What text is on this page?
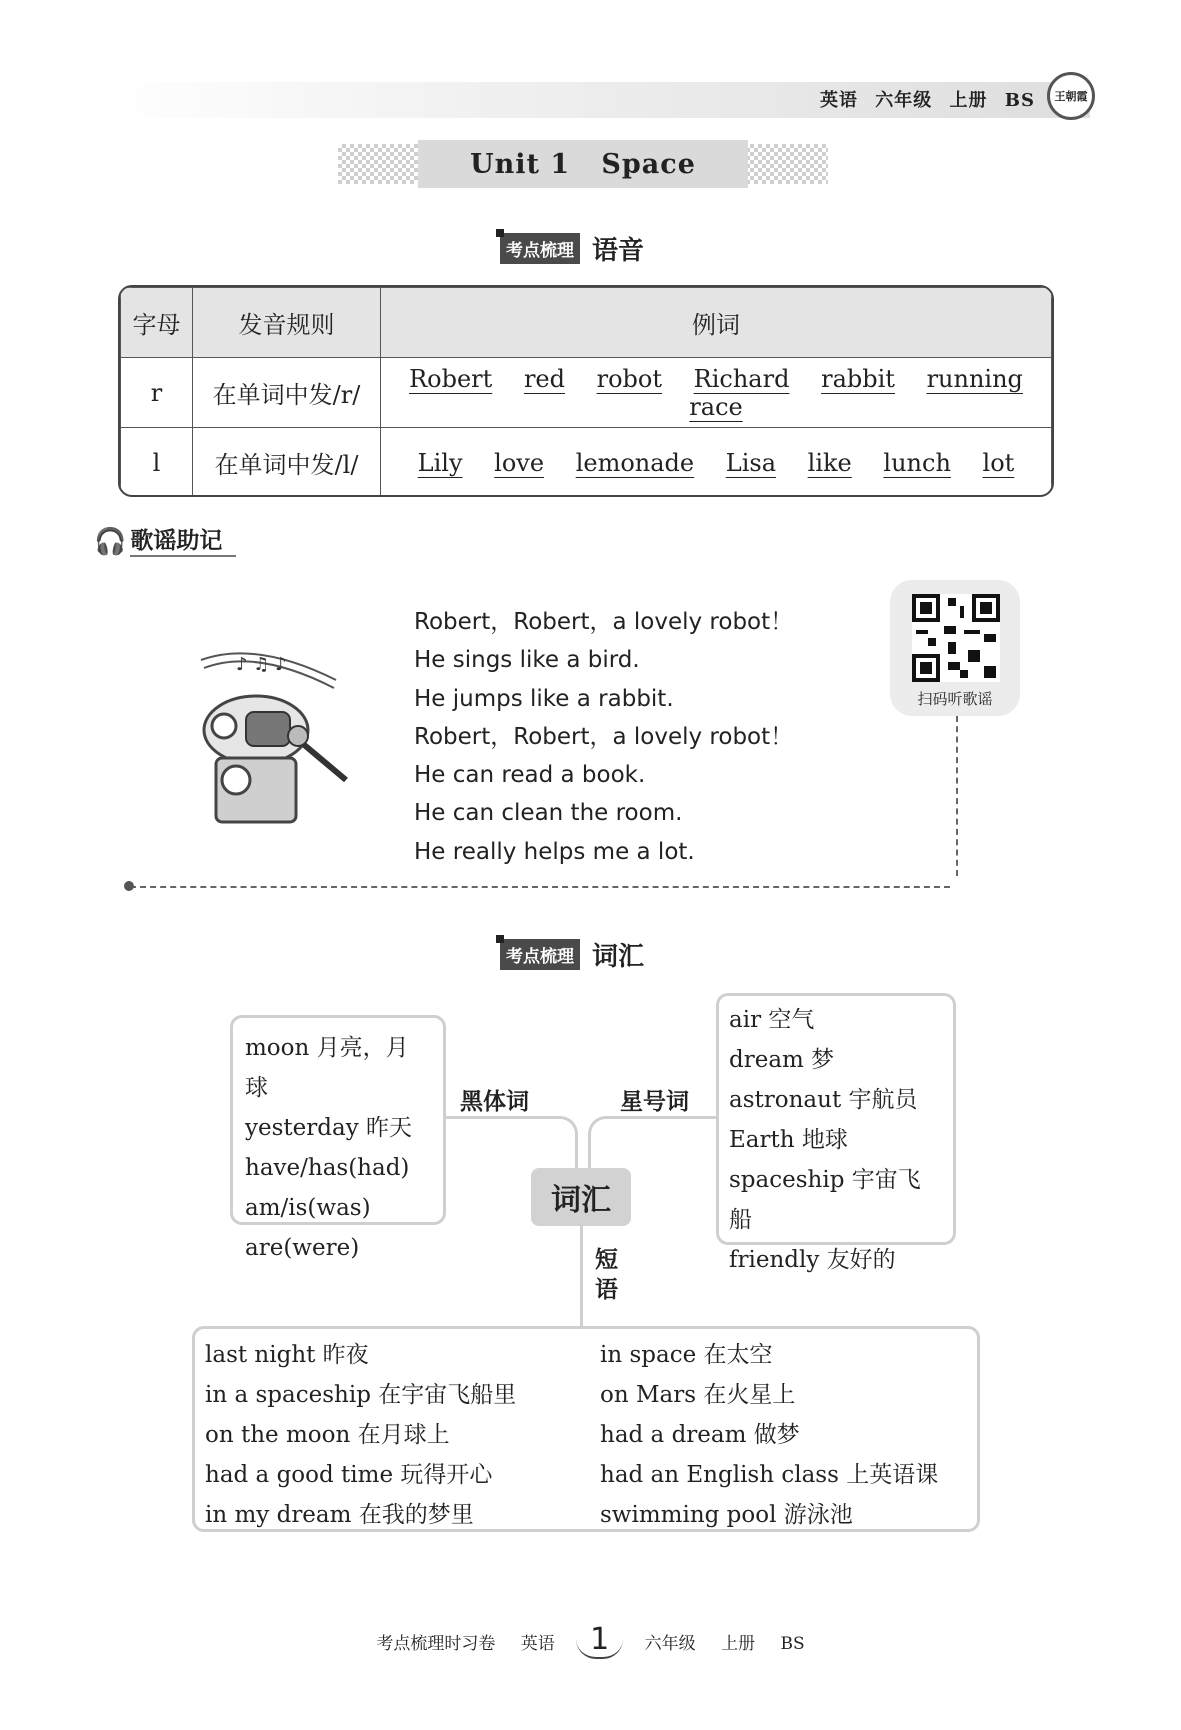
英语 六年级 上册 BS	王朝霞
Unit 1   Space
考点梳理 语音
字母	发音规则	例词
r	在单词中发/r/	Robert red robot Richard rabbit running race
l	在单词中发/l/	Lily love lemonade Lisa like lunch lot
🎧 歌谣助记
♪ ♫ ♪
Robert，Robert，a lovely robot！
He sings like a bird.
He jumps like a rabbit.
Robert，Robert，a lovely robot！
He can read a book.
He can clean the room.
He really helps me a lot.
扫码听歌谣
考点梳理 词汇
黑体词	星号词
短语
词汇
moon 月亮，月球
yesterday 昨天
have/has(had)
am/is(was)
are(were)
air 空气
dream 梦
astronaut 宇航员
Earth 地球
spaceship 宇宙飞船
friendly 友好的
last night 昨夜
in a spaceship 在宇宙飞船里
on the moon 在月球上
had a good time 玩得开心
in my dream 在我的梦里
in space 在太空
on Mars 在火星上
had a dream 做梦
had an English class 上英语课
swimming pool 游泳池
考点梳理时习卷 英语 1 六年级 上册 BS
